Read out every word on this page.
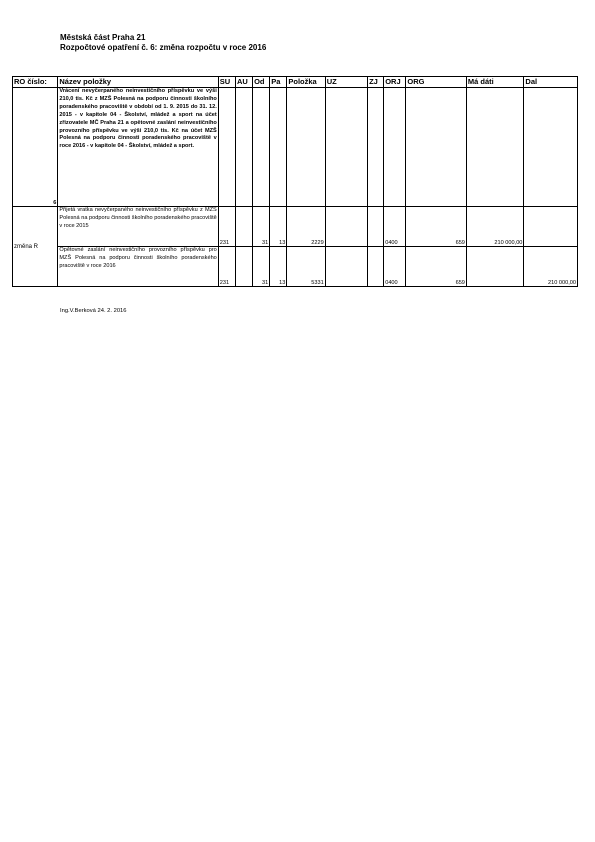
Městská část Praha 21
Rozpočtové opatření č. 6: změna rozpočtu v roce 2016
RO číslo:	Název položky	SU	AU	Od	Pa	Položka	UZ	ZJ	ORJ	ORG	Má dáti	Dal
6	Vrácení nevyčerpaného neinvestičního příspěvku ve výši 210,0 tis. Kč z MZŠ Polesná na podporu činnosti školního poradenského pracoviště v období od 1. 9. 2015 do 31. 12. 2015 - v kapitole 04 - Školství, mládež a sport na účet zřizovatele MČ Praha 21 a opětovné zaslání neinvestičního provozního příspěvku ve výši 210,0 tis. Kč na účet MZŠ Polesná na podporu činnosti poradenského pracoviště v roce 2016 - v kapitole 04 - Školství, mládež a sport.											
změna R	Přijetá vratka nevyčerpaného neinvestičního příspěvku z MZŠ Polesná na podporu činnosti školního poradenského pracoviště v roce 2015	231		31	13	2229			0400	659	210 000,00	
	Opětovné zaslání neinvestičního provozního příspěvku pro MZŠ Polesná na podporu činnosti školního poradenského pracoviště v roce 2016	231		31	13	5331			0400	659		210 000,00
Ing.V.Berková 24. 2. 2016
